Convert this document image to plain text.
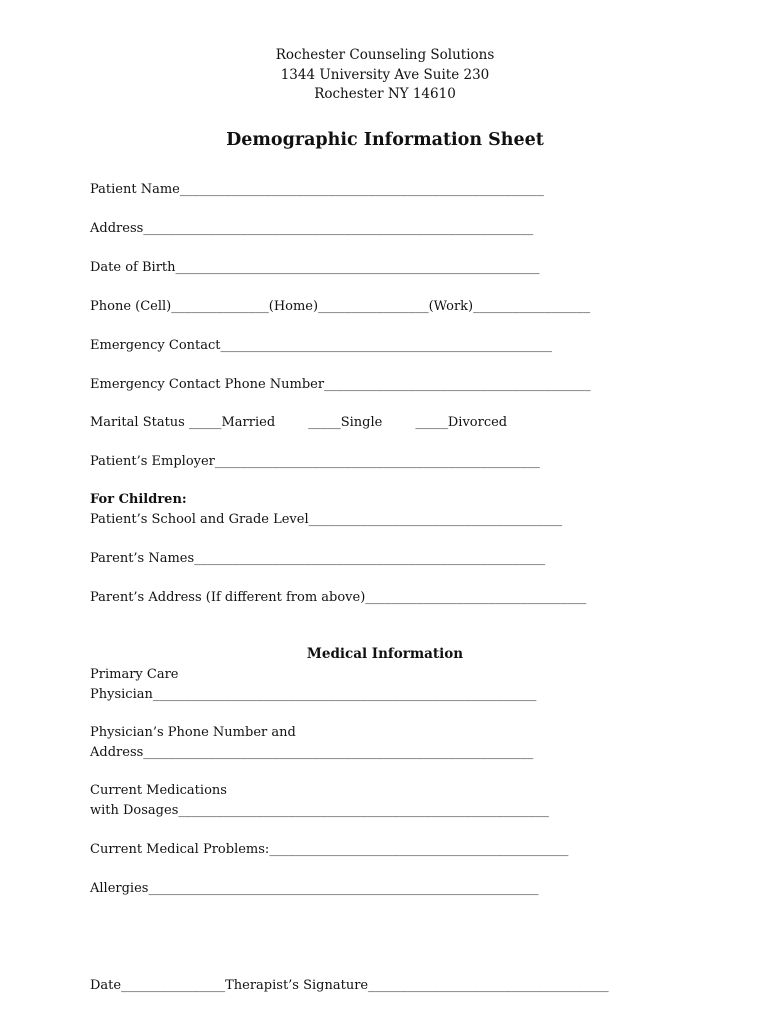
Rochester Counseling Solutions
1344 University Ave Suite 230
Rochester NY 14610
Demographic Information Sheet
Patient Name________________________________________________________
Address____________________________________________________________
Date of Birth________________________________________________________
Phone (Cell)_______________(Home)_________________(Work)__________________
Emergency Contact___________________________________________________
Emergency Contact Phone Number_________________________________________
Marital Status _____Married        _____Single        _____Divorced
Patient’s Employer__________________________________________________
For Children:
Patient’s School and Grade Level_______________________________________
Parent’s Names______________________________________________________
Parent’s Address (If different from above)__________________________________
Medical Information
Primary Care
Physician___________________________________________________________
Physician’s Phone Number and
Address____________________________________________________________
Current Medications
with Dosages_________________________________________________________
Current Medical Problems:______________________________________________
Allergies____________________________________________________________
Date________________Therapist’s Signature_____________________________________
